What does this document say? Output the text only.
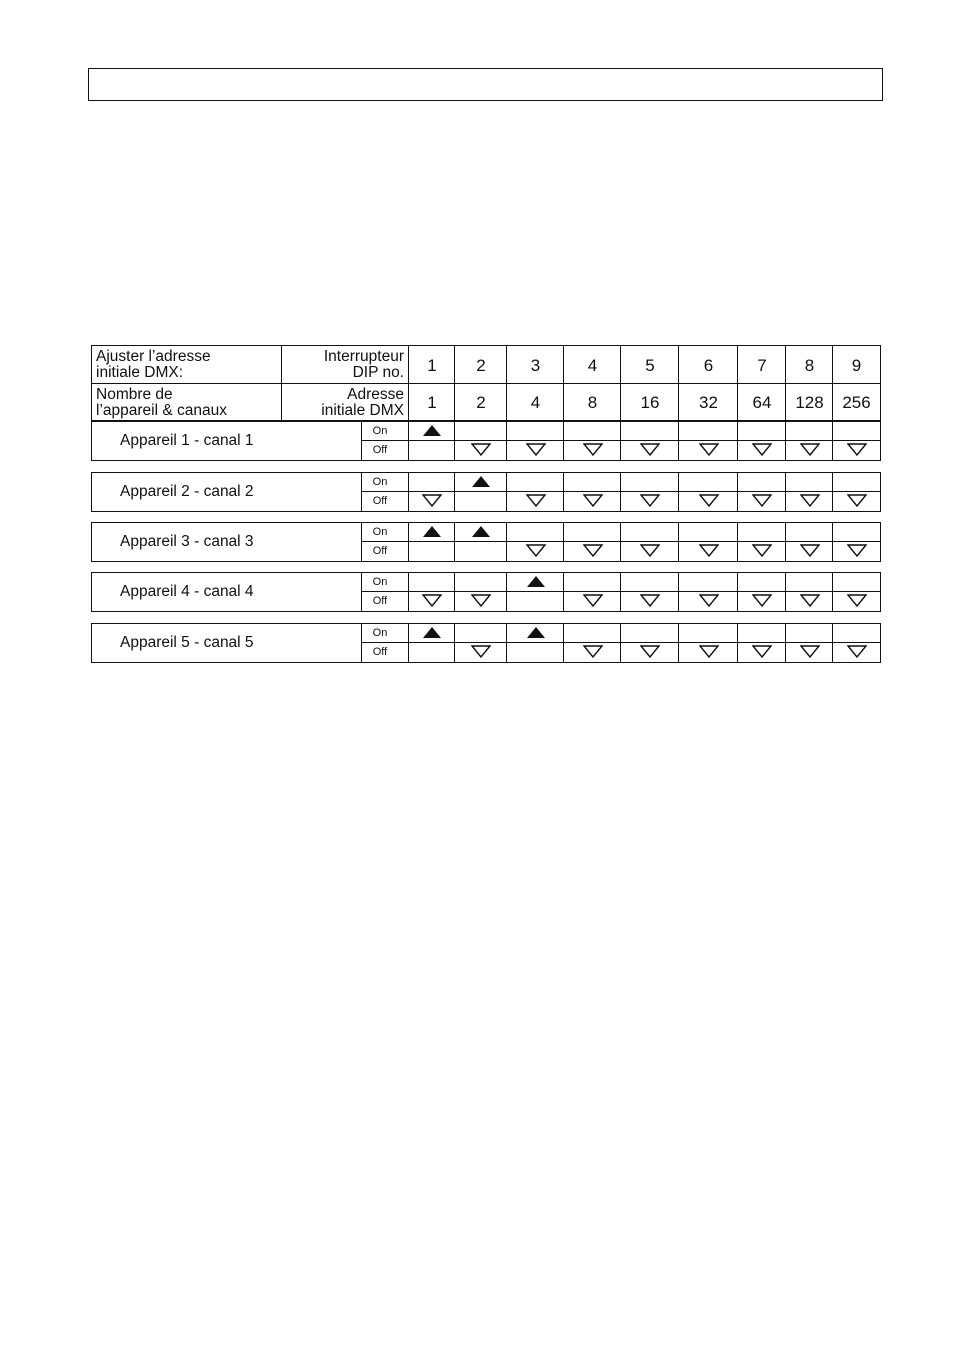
Ajuster l’adresse
initiale DMX:
Interrupteur
DIP no.
Nombre de
l’appareil & canaux
Adresse
initiale DMX
1
1
2
2
3
4
4
8
5
16
6
32
7
64
8
128
9
256
Appareil 1 - canal 1
On
Off
Appareil 2 - canal 2
On
Off
Appareil 3 - canal 3
On
Off
Appareil 4 - canal 4
On
Off
Appareil 5 - canal 5
On
Off
